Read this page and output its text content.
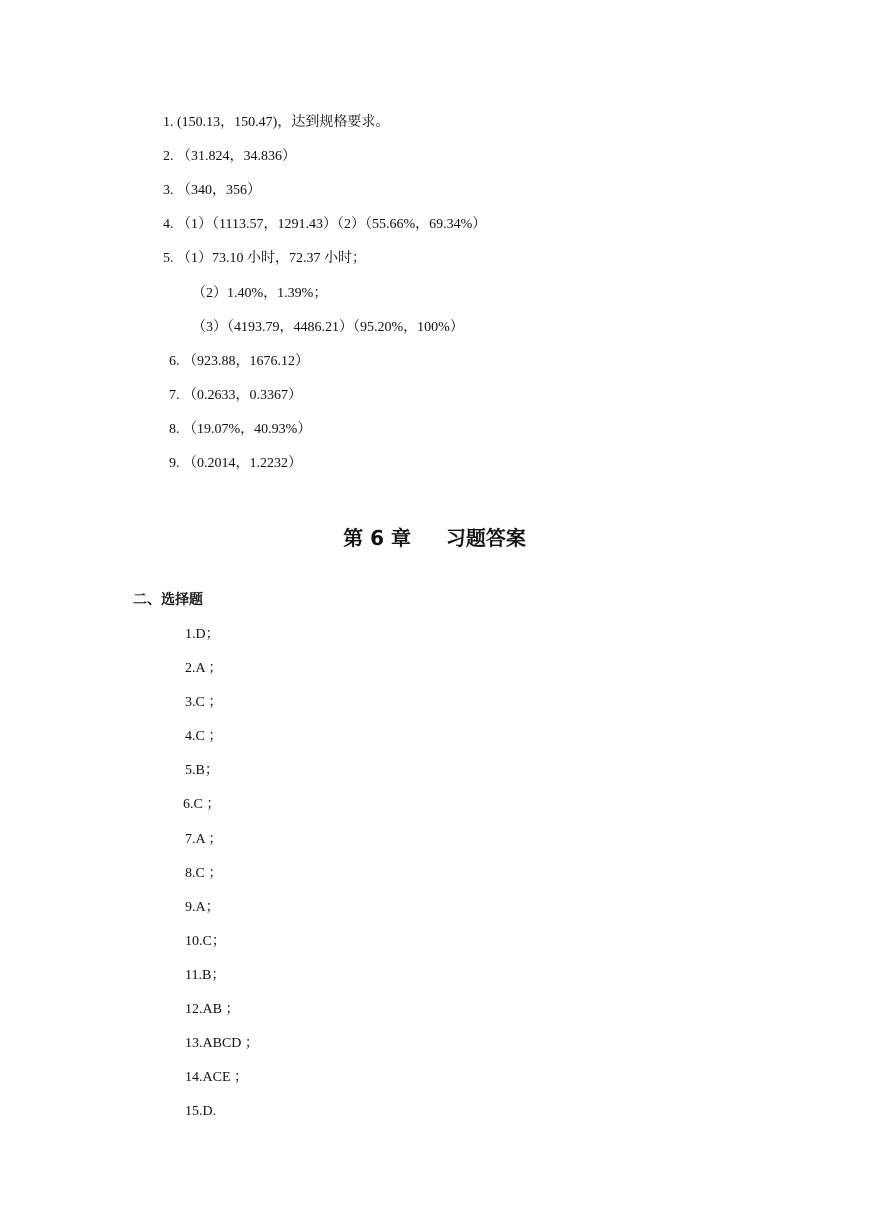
1. (150.13，150.47)，达到规格要求。
2. （31.824，34.836）
3. （340，356）
4. （1）（1113.57，1291.43）（2）（55.66%，69.34%）
5. （1）73.10 小时，72.37 小时；
（2）1.40%，1.39%；
（3）（4193.79，4486.21）（95.20%，100%）
6. （923.88，1676.12）
7. （0.2633，0.3367）
8. （19.07%，40.93%）
9. （0.2014，1.2232）
第 6 章     习题答案
二、选择题
1.D；
2.A ；
3.C ；
4.C ；
5.B；
6.C ；
7.A ；
8.C ；
9.A；
10.C；
11.B；
12.AB ；
13.ABCD ；
14.ACE ；
15.D.
